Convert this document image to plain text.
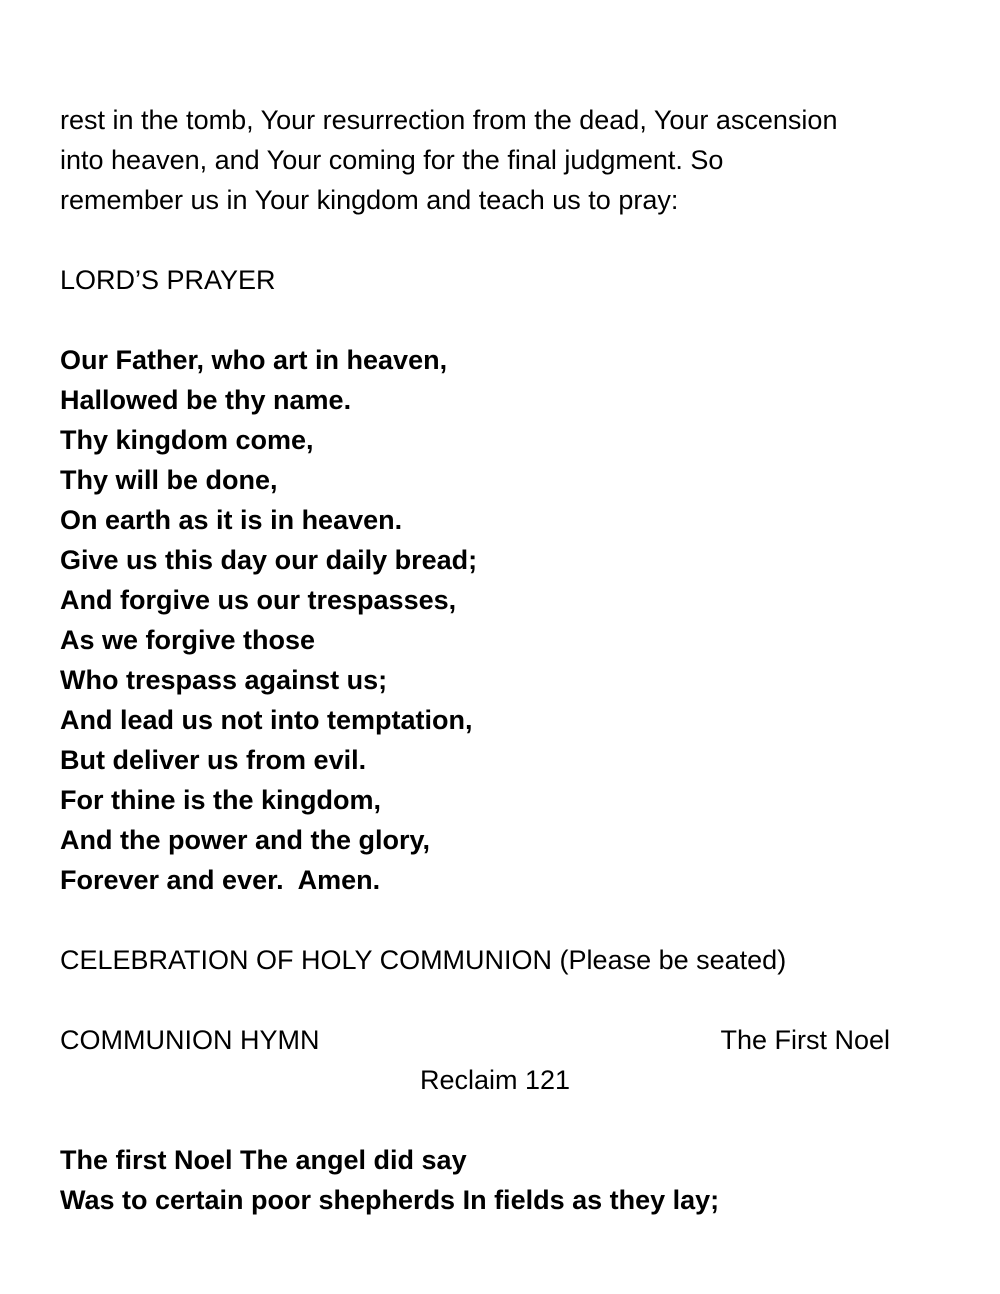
rest in the tomb, Your resurrection from the dead, Your ascension
into heaven, and Your coming for the final judgment. So
remember us in Your kingdom and teach us to pray:
LORD’S PRAYER
Our Father, who art in heaven,
Hallowed be thy name.
Thy kingdom come,
Thy will be done,
On earth as it is in heaven.
Give us this day our daily bread;
And forgive us our trespasses,
As we forgive those
Who trespass against us;
And lead us not into temptation,
But deliver us from evil.
For thine is the kingdom,
And the power and the glory,
Forever and ever.  Amen.
CELEBRATION OF HOLY COMMUNION (Please be seated)
COMMUNION HYMN	The First Noel
Reclaim 121
The first Noel The angel did say
Was to certain poor shepherds In fields as they lay;
